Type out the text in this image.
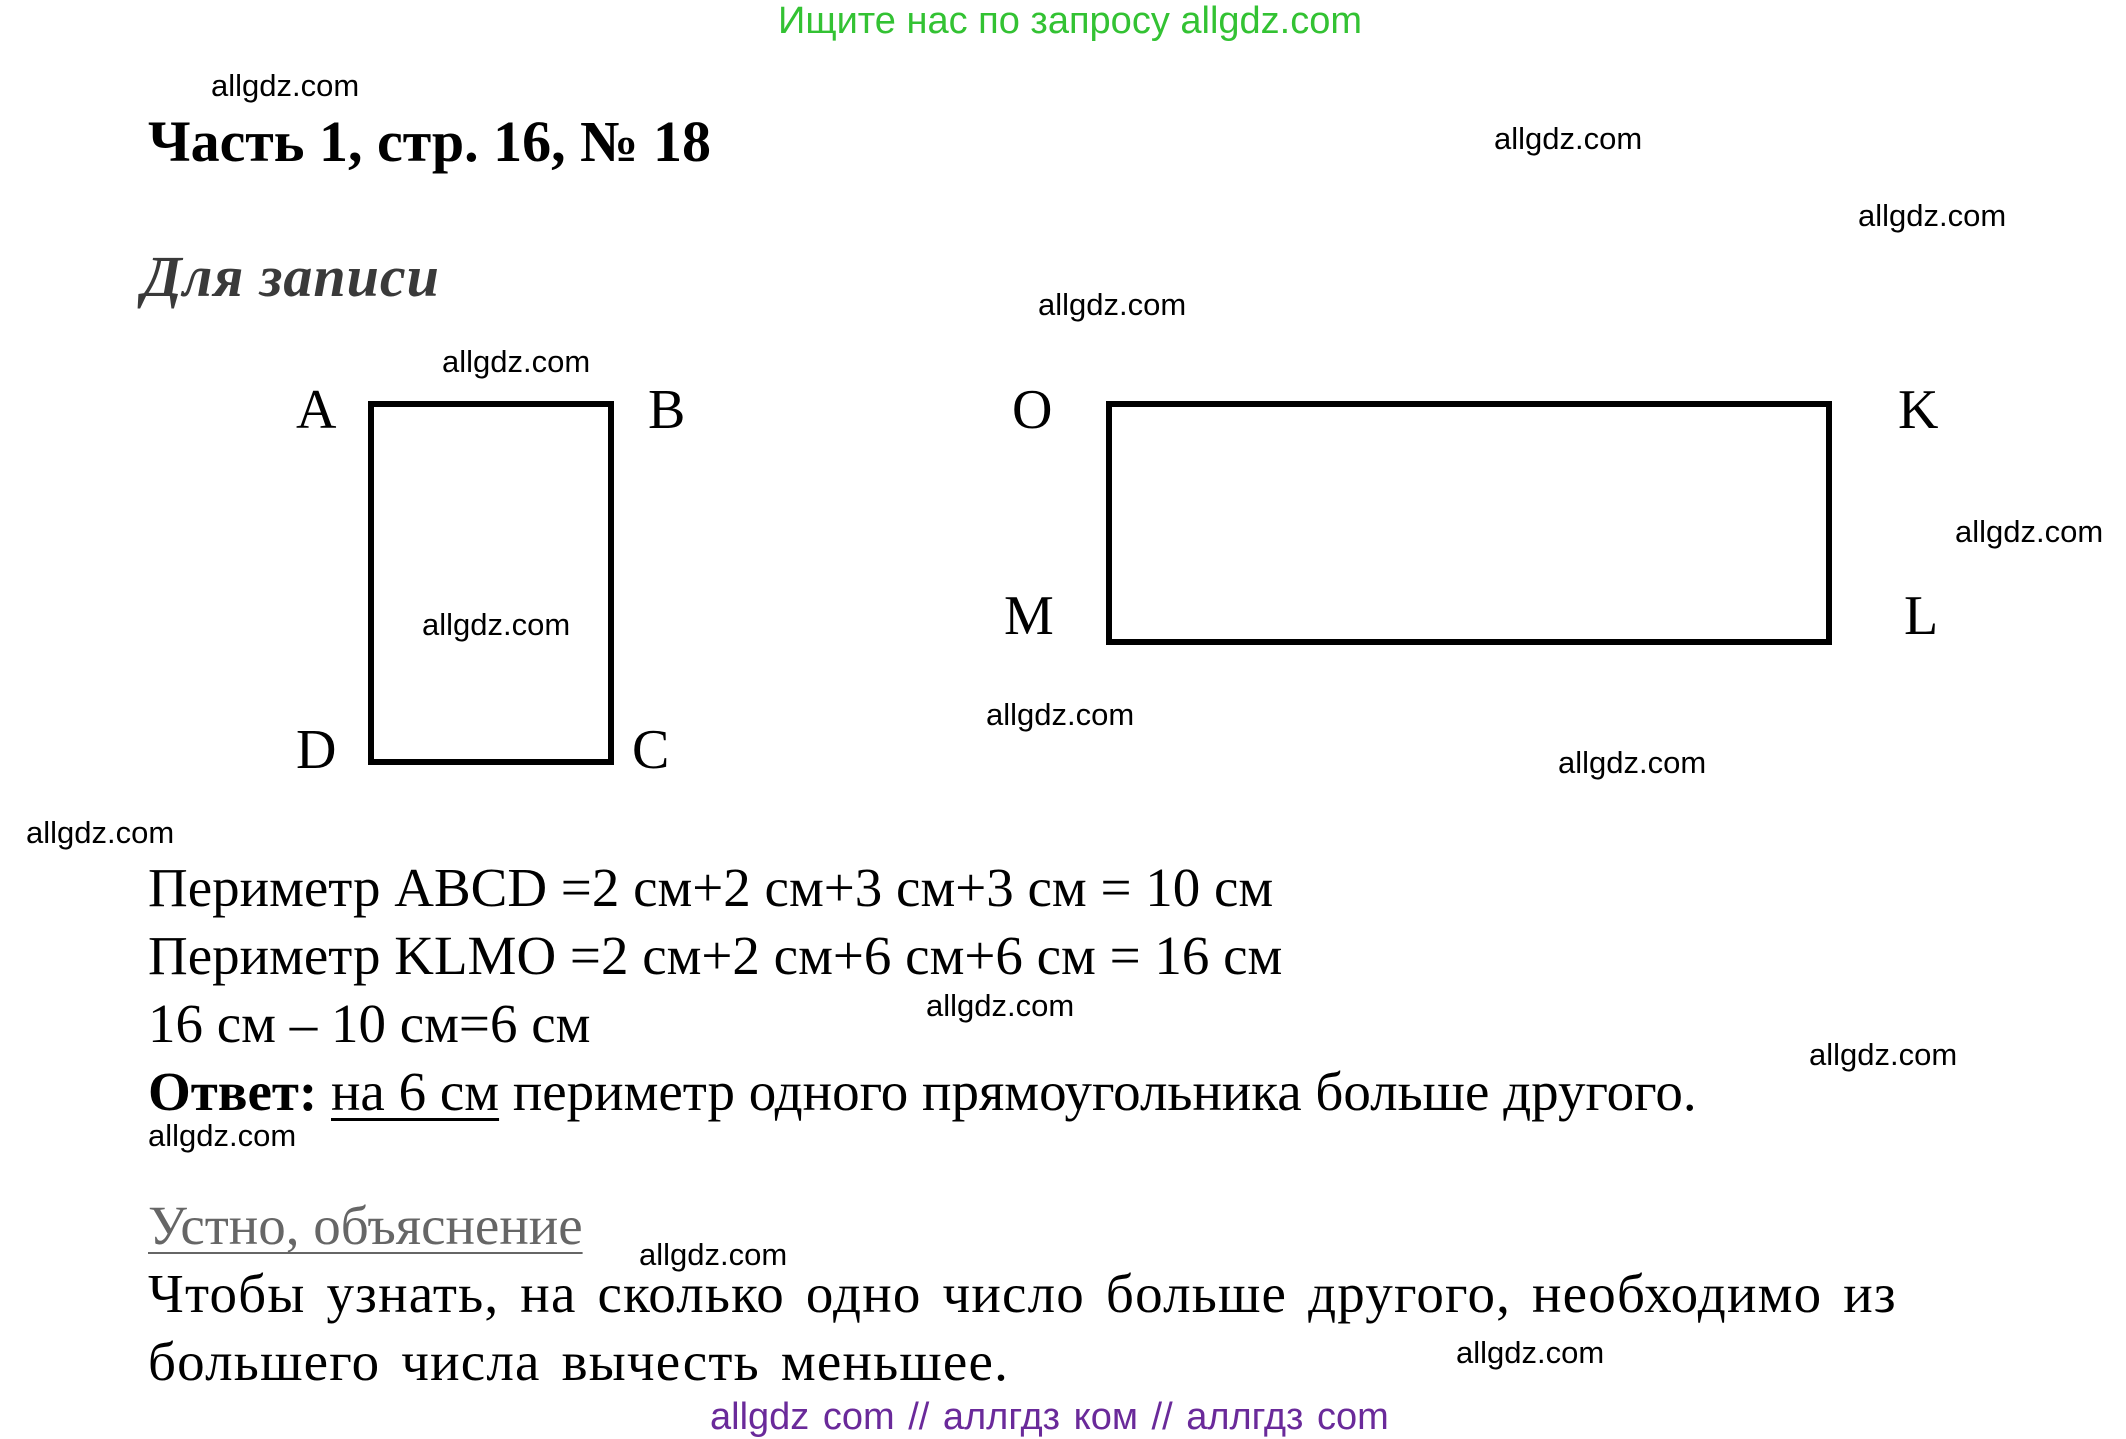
Ищите нас по запросу allgdz.com
Часть 1, стр. 16, № 18
Для записи
A	B
C
D
O	K
L
M
Периметр ABCD =2 см+2 см+3 см+3 см = 10 см
Периметр KLMO =2 см+2 см+6 см+6 см = 16 см
16 см – 10 см=6 см
Ответ: на 6 см периметр одного прямоугольника больше другого.
Устно, объяснение
Чтобы узнать, на сколько одно число больше другого, необходимо из
большего числа вычесть меньшее.
allgdz com // аллгдз ком // аллгдз com
allgdz.com
allgdz.com
allgdz.com
allgdz.com
allgdz.com
allgdz.com
allgdz.com
allgdz.com
allgdz.com
allgdz.com
allgdz.com
allgdz.com
allgdz.com
allgdz.com
allgdz.com
